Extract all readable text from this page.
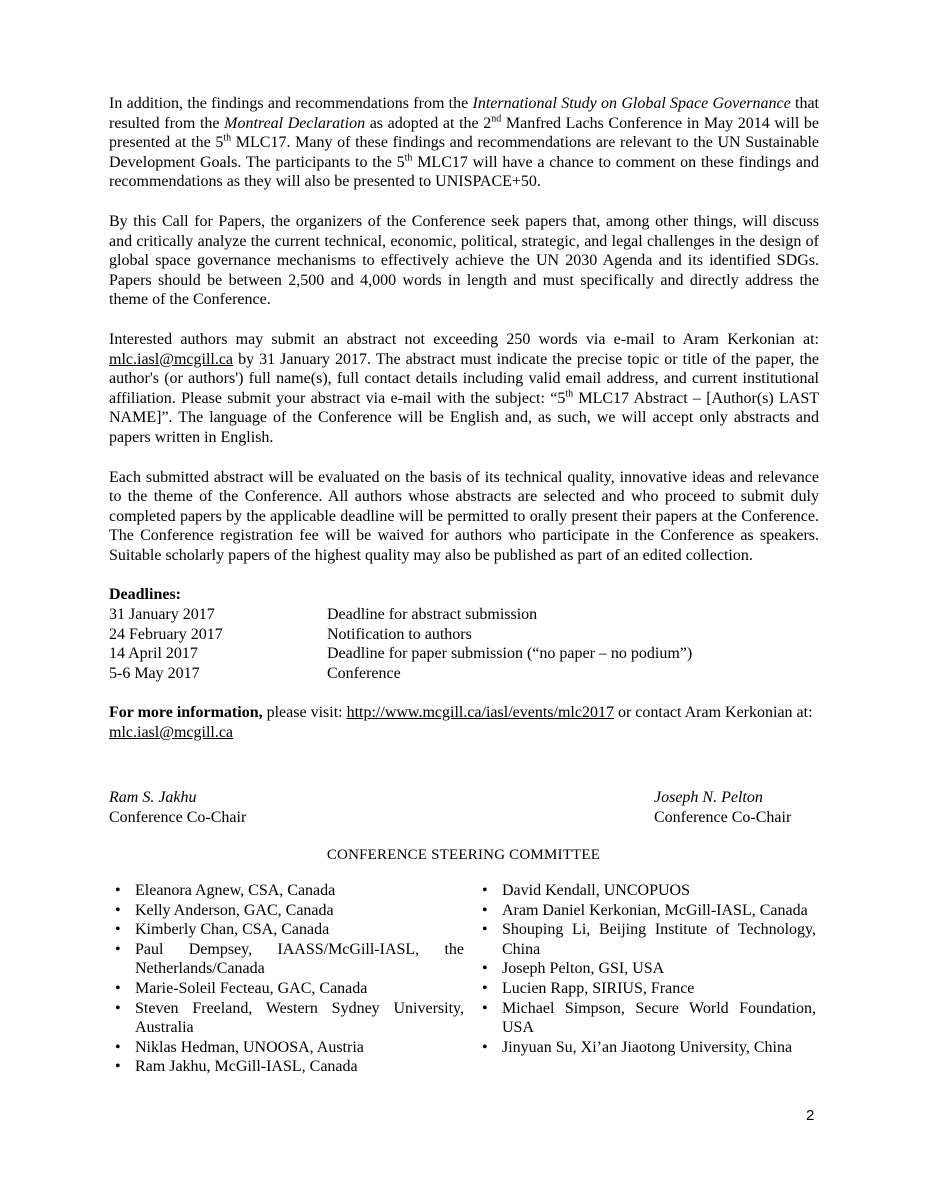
In addition, the findings and recommendations from the International Study on Global Space Governance that resulted from the Montreal Declaration as adopted at the 2nd Manfred Lachs Conference in May 2014 will be presented at the 5th MLC17. Many of these findings and recommendations are relevant to the UN Sustainable Development Goals. The participants to the 5th MLC17 will have a chance to comment on these findings and recommendations as they will also be presented to UNISPACE+50.

By this Call for Papers, the organizers of the Conference seek papers that, among other things, will discuss and critically analyze the current technical, economic, political, strategic, and legal challenges in the design of global space governance mechanisms to effectively achieve the UN 2030 Agenda and its identified SDGs. Papers should be between 2,500 and 4,000 words in length and must specifically and directly address the theme of the Conference.

Interested authors may submit an abstract not exceeding 250 words via e-mail to Aram Kerkonian at: mlc.iasl@mcgill.ca by 31 January 2017. The abstract must indicate the precise topic or title of the paper, the author's (or authors') full name(s), full contact details including valid email address, and current institutional affiliation. Please submit your abstract via e-mail with the subject: “5th MLC17 Abstract – [Author(s) LAST NAME]”. The language of the Conference will be English and, as such, we will accept only abstracts and papers written in English.

Each submitted abstract will be evaluated on the basis of its technical quality, innovative ideas and relevance to the theme of the Conference. All authors whose abstracts are selected and who proceed to submit duly completed papers by the applicable deadline will be permitted to orally present their papers at the Conference. The Conference registration fee will be waived for authors who participate in the Conference as speakers. Suitable scholarly papers of the highest quality may also be published as part of an edited collection.

Deadlines:
31 January 2017	Deadline for abstract submission
24 February 2017	Notification to authors
14 April 2017	Deadline for paper submission (“no paper – no podium”)
5-6 May 2017	Conference

For more information, please visit: http://www.mcgill.ca/iasl/events/mlc2017 or contact Aram Kerkonian at: mlc.iasl@mcgill.ca

Ram S. Jakhu
Conference Co-Chair
Joseph N. Pelton
Conference Co-Chair
CONFERENCE STEERING COMMITTEE
• Eleanora Agnew, CSA, Canada
• Kelly Anderson, GAC, Canada
• Kimberly Chan, CSA, Canada
• Paul Dempsey, IAASS/McGill-IASL, the Netherlands/Canada
• Marie-Soleil Fecteau, GAC, Canada
• Steven Freeland, Western Sydney University, Australia
• Niklas Hedman, UNOOSA, Austria
• Ram Jakhu, McGill-IASL, Canada
• David Kendall, UNCOPUOS
• Aram Daniel Kerkonian, McGill-IASL, Canada
• Shouping Li, Beijing Institute of Technology, China
• Joseph Pelton, GSI, USA
• Lucien Rapp, SIRIUS, France
• Michael Simpson, Secure World Foundation, USA
• Jinyuan Su, Xi’an Jiaotong University, China
2
